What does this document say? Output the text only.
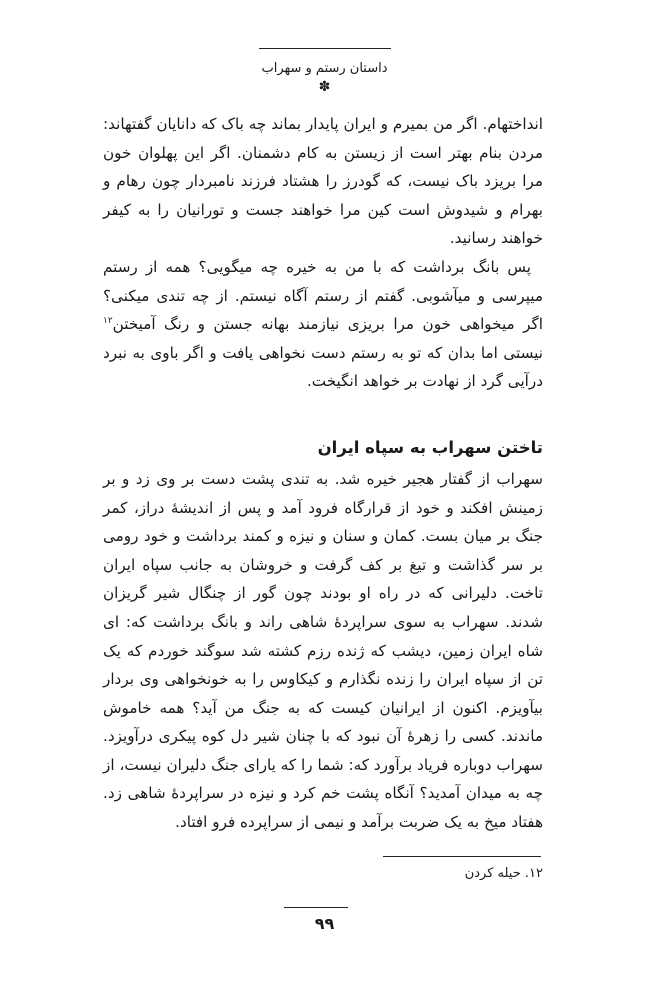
داستان رستم و سهراب
✽

انداختهام. اگر من بمیرم و ایران پایدار بماند چه باک که دانایان گفتهاند: مردن بنام بهتر است از زیستن به کام دشمنان. اگر این پهلوان خون مرا بریزد باک نیست، که گودرز را هشتاد فرزند نامبردار چون رهام و بهرام و شیدوش است کین مرا خواهند جست و تورانیان را به کیفر خواهند رسانید.

پس بانگ برداشت که با من به خیره چه میگویی؟ همه از رستم میپرسی و میآشوبی. گفتم از رستم آگاه نیستم. از چه تندی میکنی؟ اگر میخواهی خون مرا بریزی نیازمند بهانه جستن و رنگ آمیختن$^{١٢}$ نیستی اما بدان که تو به رستم دست نخواهی یافت و اگر باوی به نبرد درآیی گرد از نهادت بر خواهد انگیخت.

تاختن سهراب به سپاه ایران

سهراب از گفتار هجیر خیره شد. به تندی پشت دست بر وی زد و بر زمینش افکند و خود از قرارگاه فرود آمد و پس از اندیشهٔ دراز، کمر جنگ بر میان بست. کمان و سنان و نیزه و کمند برداشت و خود رومی بر سر گذاشت و تیغ بر کف گرفت و خروشان به جانب سپاه ایران تاخت. دلیرانی که در راه او بودند چون گور از چنگال شیر گریزان شدند. سهراب به سوی سراپردهٔ شاهی راند و بانگ برداشت که: ای شاه ایران زمین، دیشب که ژنده رزم کشته شد سوگند خوردم که یک تن از سپاه ایران را زنده نگذارم و کیکاوس را به خونخواهی وی بردار بیآویزم. اکنون از ایرانیان کیست که به جنگ من آید؟ همه خاموش ماندند. کسی را زهرهٔ آن نبود که با چنان شیر دل کوه پیکری درآویزد. سهراب دوباره فریاد برآورد که: شما را که یارای جنگ دلیران نیست، از چه به میدان آمدید؟ آنگاه پشت خم کرد و نیزه در سراپردهٔ شاهی زد. هفتاد میخ به یک ضربت برآمد و نیمی از سراپرده فرو افتاد.

١٢. حیله کردن
۹۹
